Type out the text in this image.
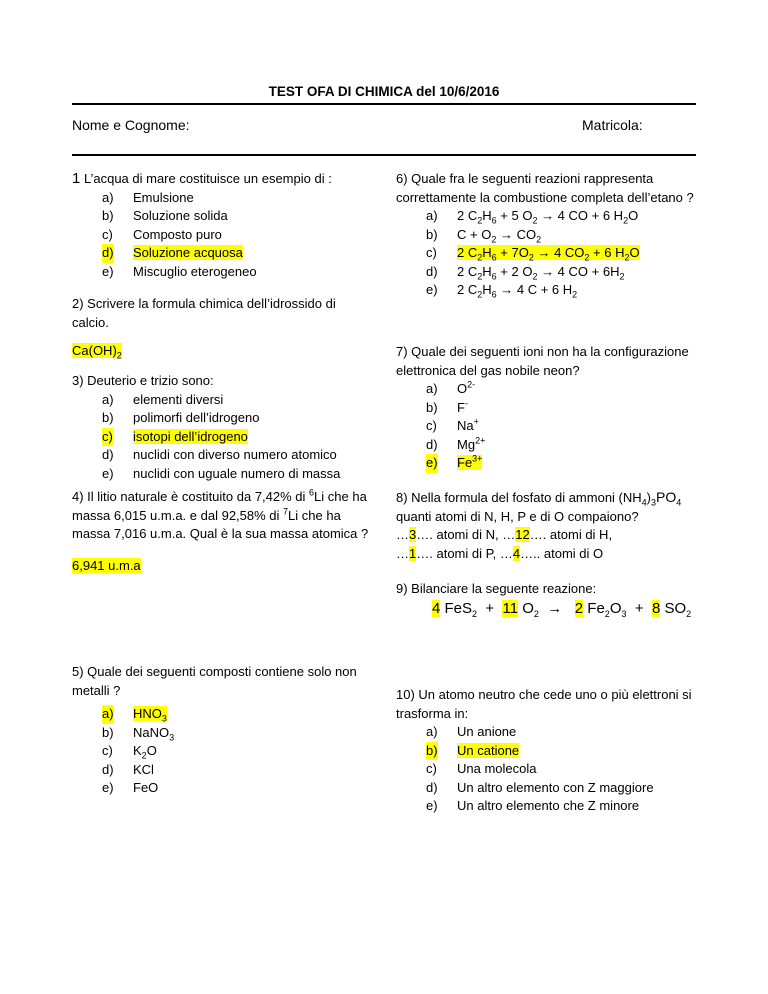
TEST OFA DI CHIMICA del 10/6/2016
Nome e Cognome:	Matricola:

1 L’acqua di mare costituisce un esempio di :

a) Emulsione
b) Soluzione solida
c) Composto puro
d) Soluzione acquosa
e) Miscuglio eterogeneo
2) Scrivere la formula chimica dell’idrossido di calcio.
$Ca(OH)_2$

3) Deuterio e trizio sono:

a) elementi diversi
b) polimorfi dell’idrogeno
c) isotopi dell’idrogeno
d) nuclidi con diverso numero atomico
e) nuclidi con uguale numero di massa
4) Il litio naturale è costituito da 7,42% di $^6$Li che ha massa 6,015 u.m.a. e dal 92,58% di $^7$Li che ha massa 7,016 u.m.a. Qual è la sua massa atomica ?
6,941 u.m.a
5) Quale dei seguenti composti contiene solo non metalli ?
a) $HNO_3$
b) NaNO$_3$
c) $K_2O$
d) KCl
e) FeO

6) Quale fra le seguenti reazioni rappresenta correttamente la combustione completa dell’etano ?

a) 2 $C_2H_6 + 5$ $O_2 \to 4$ CO + 6 $H_2O$
b) $C + O_2 \to CO_2$
c) 2 $C_2H_6 + 7O_2 \to 4$ $CO_2 + 6$ $H_2O$
d) 2 $C_2H_6 + 2$ $O_2 \to 4$ CO + $6H_2$
e) 2 $C_2H_6 \to 4$ C + 6 $H_2$

7) Quale dei seguenti ioni non ha la configurazione elettronica del gas nobile neon?

a) $O^{2-}$
b) F-
c) Na+
d) $Mg^{2+}$
e) $Fe^{3+}$

8) Nella formula del fosfato di ammoni $(NH_4)_3PO_4$

quanti atomi di N, H, P e di O compaiono?

…3…. atomi di N, …12…. atomi di H,

…1…. atomi di P, …4….. atomi di O

9) Bilanciare la seguente reazione:
4 FeS$_2$  +  11 $O_2 \to 2$ $Fe_2O_3 + 8$ $SO_2$

10) Un atomo neutro che cede uno o più elettroni si trasforma in:

a) Un anione
b) Un catione
c) Una molecola
d) Un altro elemento con Z maggiore
e) Un altro elemento che Z minore
